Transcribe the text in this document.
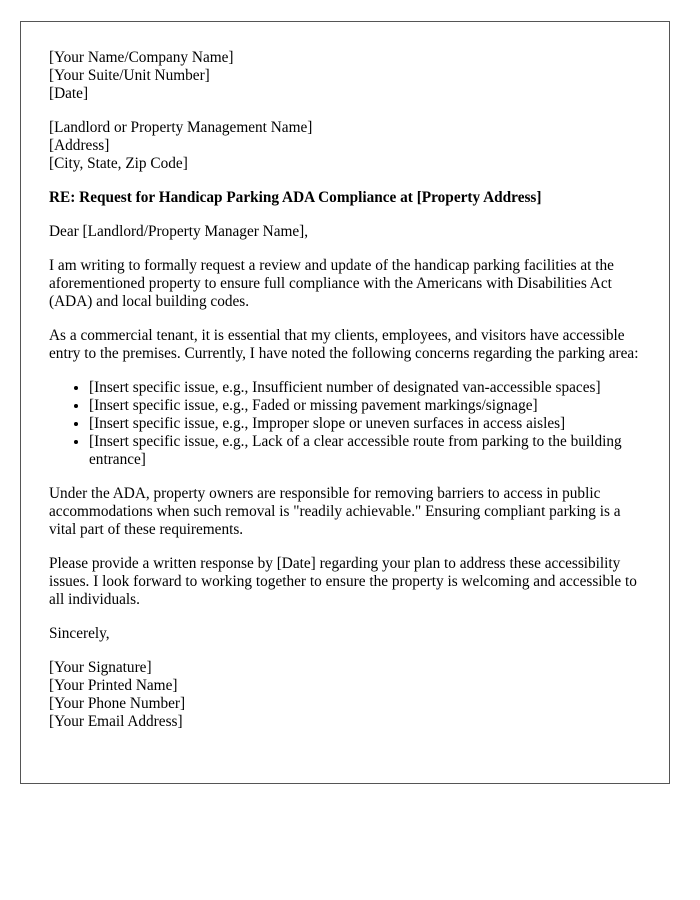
[Your Name/Company Name]
[Your Suite/Unit Number]
[Date]
[Landlord or Property Management Name]
[Address]
[City, State, Zip Code]

RE: Request for Handicap Parking ADA Compliance at [Property Address]

Dear [Landlord/Property Manager Name],

I am writing to formally request a review and update of the handicap parking facilities at the aforementioned property to ensure full compliance with the Americans with Disabilities Act (ADA) and local building codes.

As a commercial tenant, it is essential that my clients, employees, and visitors have accessible entry to the premises. Currently, I have noted the following concerns regarding the parking area:

• [Insert specific issue, e.g., Insufficient number of designated van-accessible spaces]
• [Insert specific issue, e.g., Faded or missing pavement markings/signage]
• [Insert specific issue, e.g., Improper slope or uneven surfaces in access aisles]
• [Insert specific issue, e.g., Lack of a clear accessible route from parking to the building entrance]

Under the ADA, property owners are responsible for removing barriers to access in public accommodations when such removal is "readily achievable." Ensuring compliant parking is a vital part of these requirements.

Please provide a written response by [Date] regarding your plan to address these accessibility issues. I look forward to working together to ensure the property is welcoming and accessible to all individuals.

Sincerely,

[Your Signature]
[Your Printed Name]
[Your Phone Number]
[Your Email Address]
